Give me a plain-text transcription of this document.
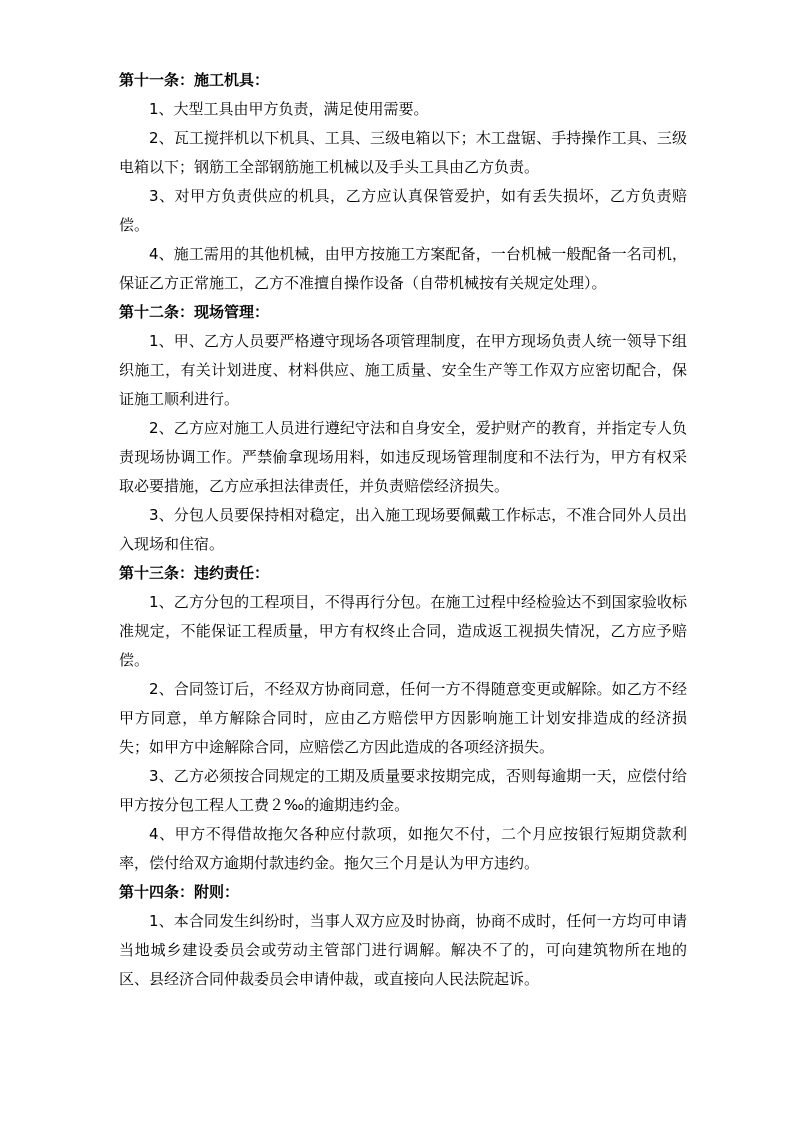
第十一条：施工机具：

1、大型工具由甲方负责，满足使用需要。

2、瓦工搅拌机以下机具、工具、三级电箱以下；木工盘锯、手持操作工具、三级电箱以下；钢筋工全部钢筋施工机械以及手头工具由乙方负责。

3、对甲方负责供应的机具，乙方应认真保管爱护，如有丢失损坏，乙方负责赔偿。

4、施工需用的其他机械，由甲方按施工方案配备，一台机械一般配备一名司机，保证乙方正常施工，乙方不准擅自操作设备（自带机械按有关规定处理）。

第十二条：现场管理：

1、甲、乙方人员要严格遵守现场各项管理制度，在甲方现场负责人统一领导下组织施工，有关计划进度、材料供应、施工质量、安全生产等工作双方应密切配合，保证施工顺利进行。

2、乙方应对施工人员进行遵纪守法和自身安全，爱护财产的教育，并指定专人负责现场协调工作。严禁偷拿现场用料，如违反现场管理制度和不法行为，甲方有权采取必要措施，乙方应承担法律责任，并负责赔偿经济损失。

3、分包人员要保持相对稳定，出入施工现场要佩戴工作标志，不准合同外人员出入现场和住宿。

第十三条：违约责任：

1、乙方分包的工程项目，不得再行分包。在施工过程中经检验达不到国家验收标准规定，不能保证工程质量，甲方有权终止合同，造成返工视损失情况，乙方应予赔偿。

2、合同签订后，不经双方协商同意，任何一方不得随意变更或解除。如乙方不经甲方同意，单方解除合同时，应由乙方赔偿甲方因影响施工计划安排造成的经济损失；如甲方中途解除合同，应赔偿乙方因此造成的各项经济损失。

3、乙方必须按合同规定的工期及质量要求按期完成，否则每逾期一天，应偿付给甲方按分包工程人工费２‰的逾期违约金。

4、甲方不得借故拖欠各种应付款项，如拖欠不付，二个月应按银行短期贷款利率，偿付给双方逾期付款违约金。拖欠三个月是认为甲方违约。

第十四条：附则：

1、本合同发生纠纷时，当事人双方应及时协商，协商不成时，任何一方均可申请当地城乡建设委员会或劳动主管部门进行调解。解决不了的，可向建筑物所在地的区、县经济合同仲裁委员会申请仲裁，或直接向人民法院起诉。
